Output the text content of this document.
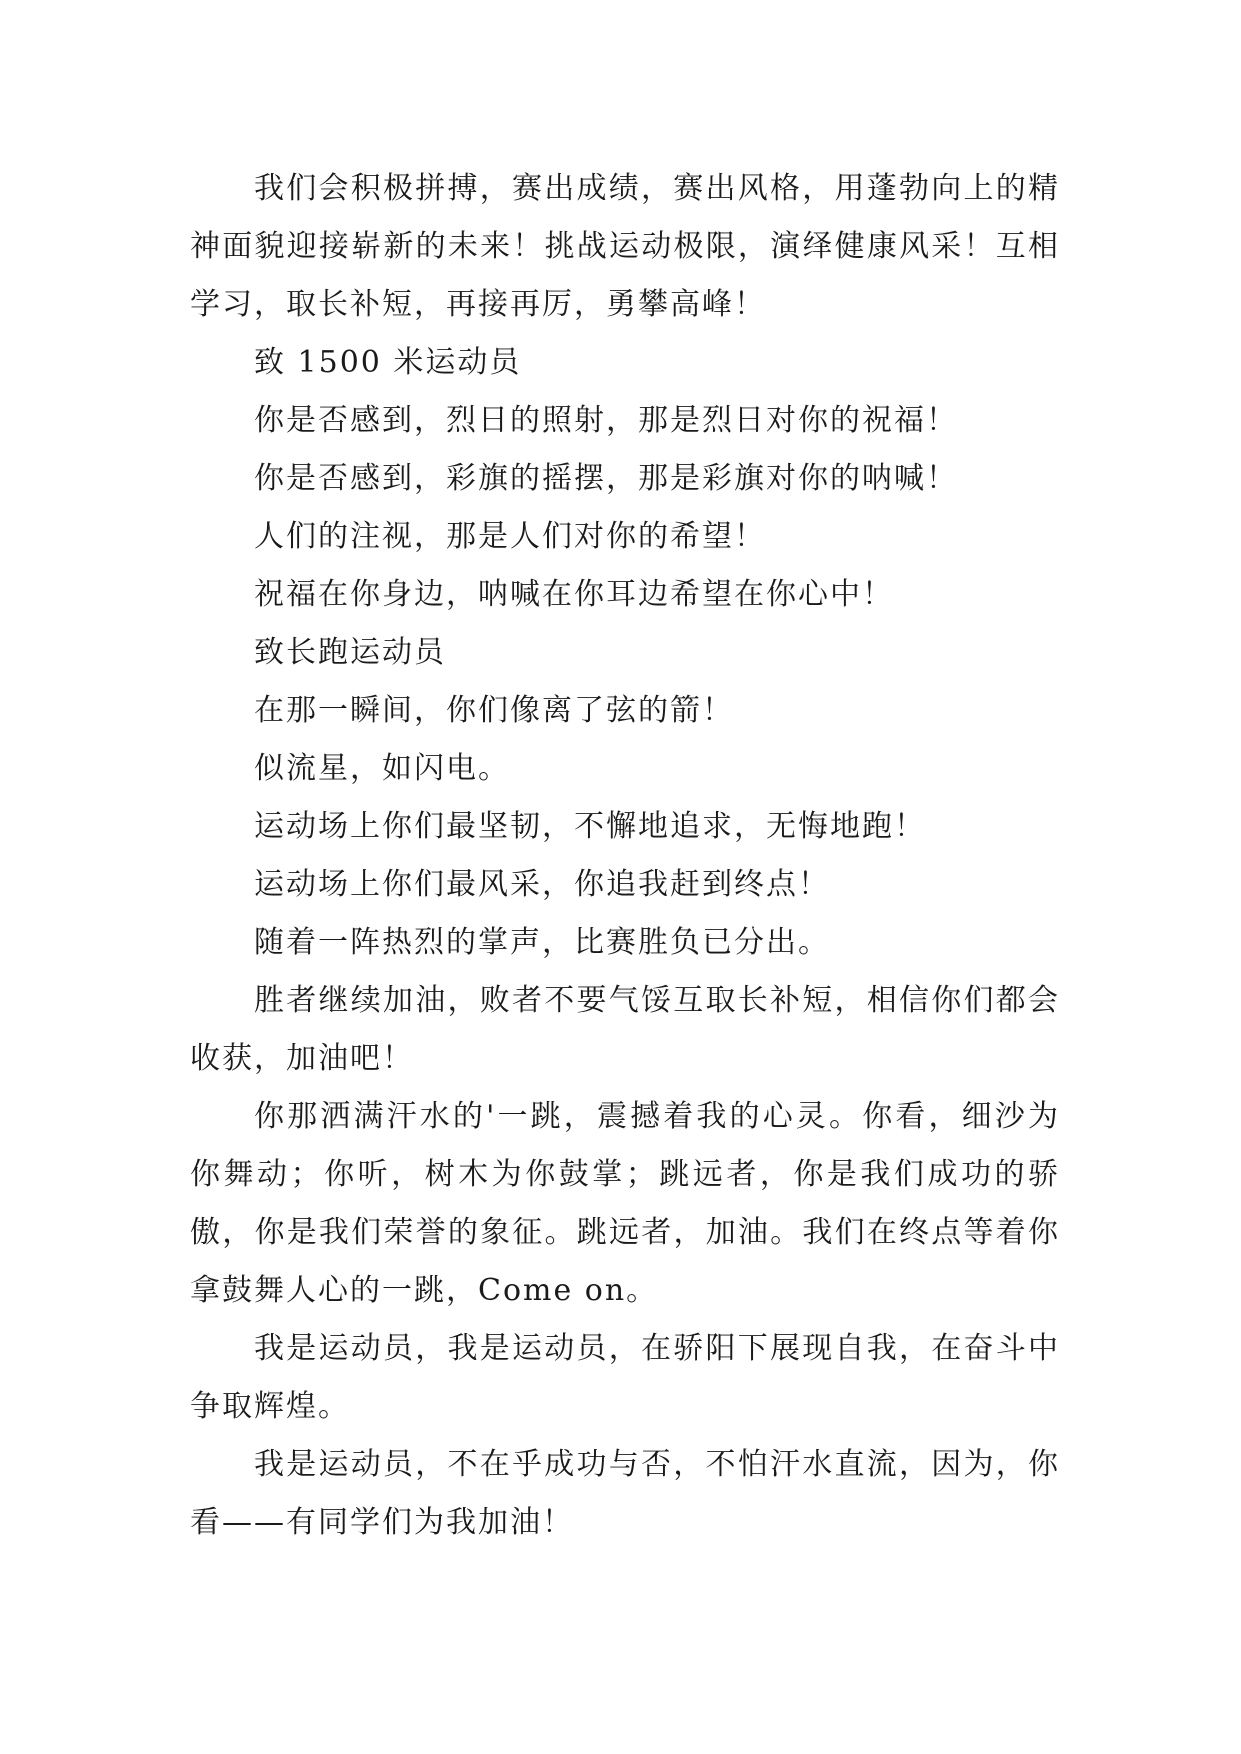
我们会积极拼搏，赛出成绩，赛出风格，用蓬勃向上的精神面貌迎接崭新的未来！挑战运动极限，演绎健康风采！互相学习，取长补短，再接再厉，勇攀高峰！

致 1500 米运动员

你是否感到，烈日的照射，那是烈日对你的祝福！

你是否感到，彩旗的摇摆，那是彩旗对你的呐喊！

人们的注视，那是人们对你的希望！

祝福在你身边，呐喊在你耳边希望在你心中！

致长跑运动员

在那一瞬间，你们像离了弦的箭！

似流星，如闪电。

运动场上你们最坚韧，不懈地追求，无悔地跑！

运动场上你们最风采，你追我赶到终点！

随着一阵热烈的掌声，比赛胜负已分出。

胜者继续加油，败者不要气馁互取长补短，相信你们都会收获，加油吧！

你那洒满汗水的'一跳，震撼着我的心灵。你看，细沙为你舞动；你听，树木为你鼓掌；跳远者，你是我们成功的骄傲，你是我们荣誉的象征。跳远者，加油。我们在终点等着你拿鼓舞人心的一跳，Come on。

我是运动员，我是运动员，在骄阳下展现自我，在奋斗中争取辉煌。

我是运动员，不在乎成功与否，不怕汗水直流，因为，你看——有同学们为我加油！
